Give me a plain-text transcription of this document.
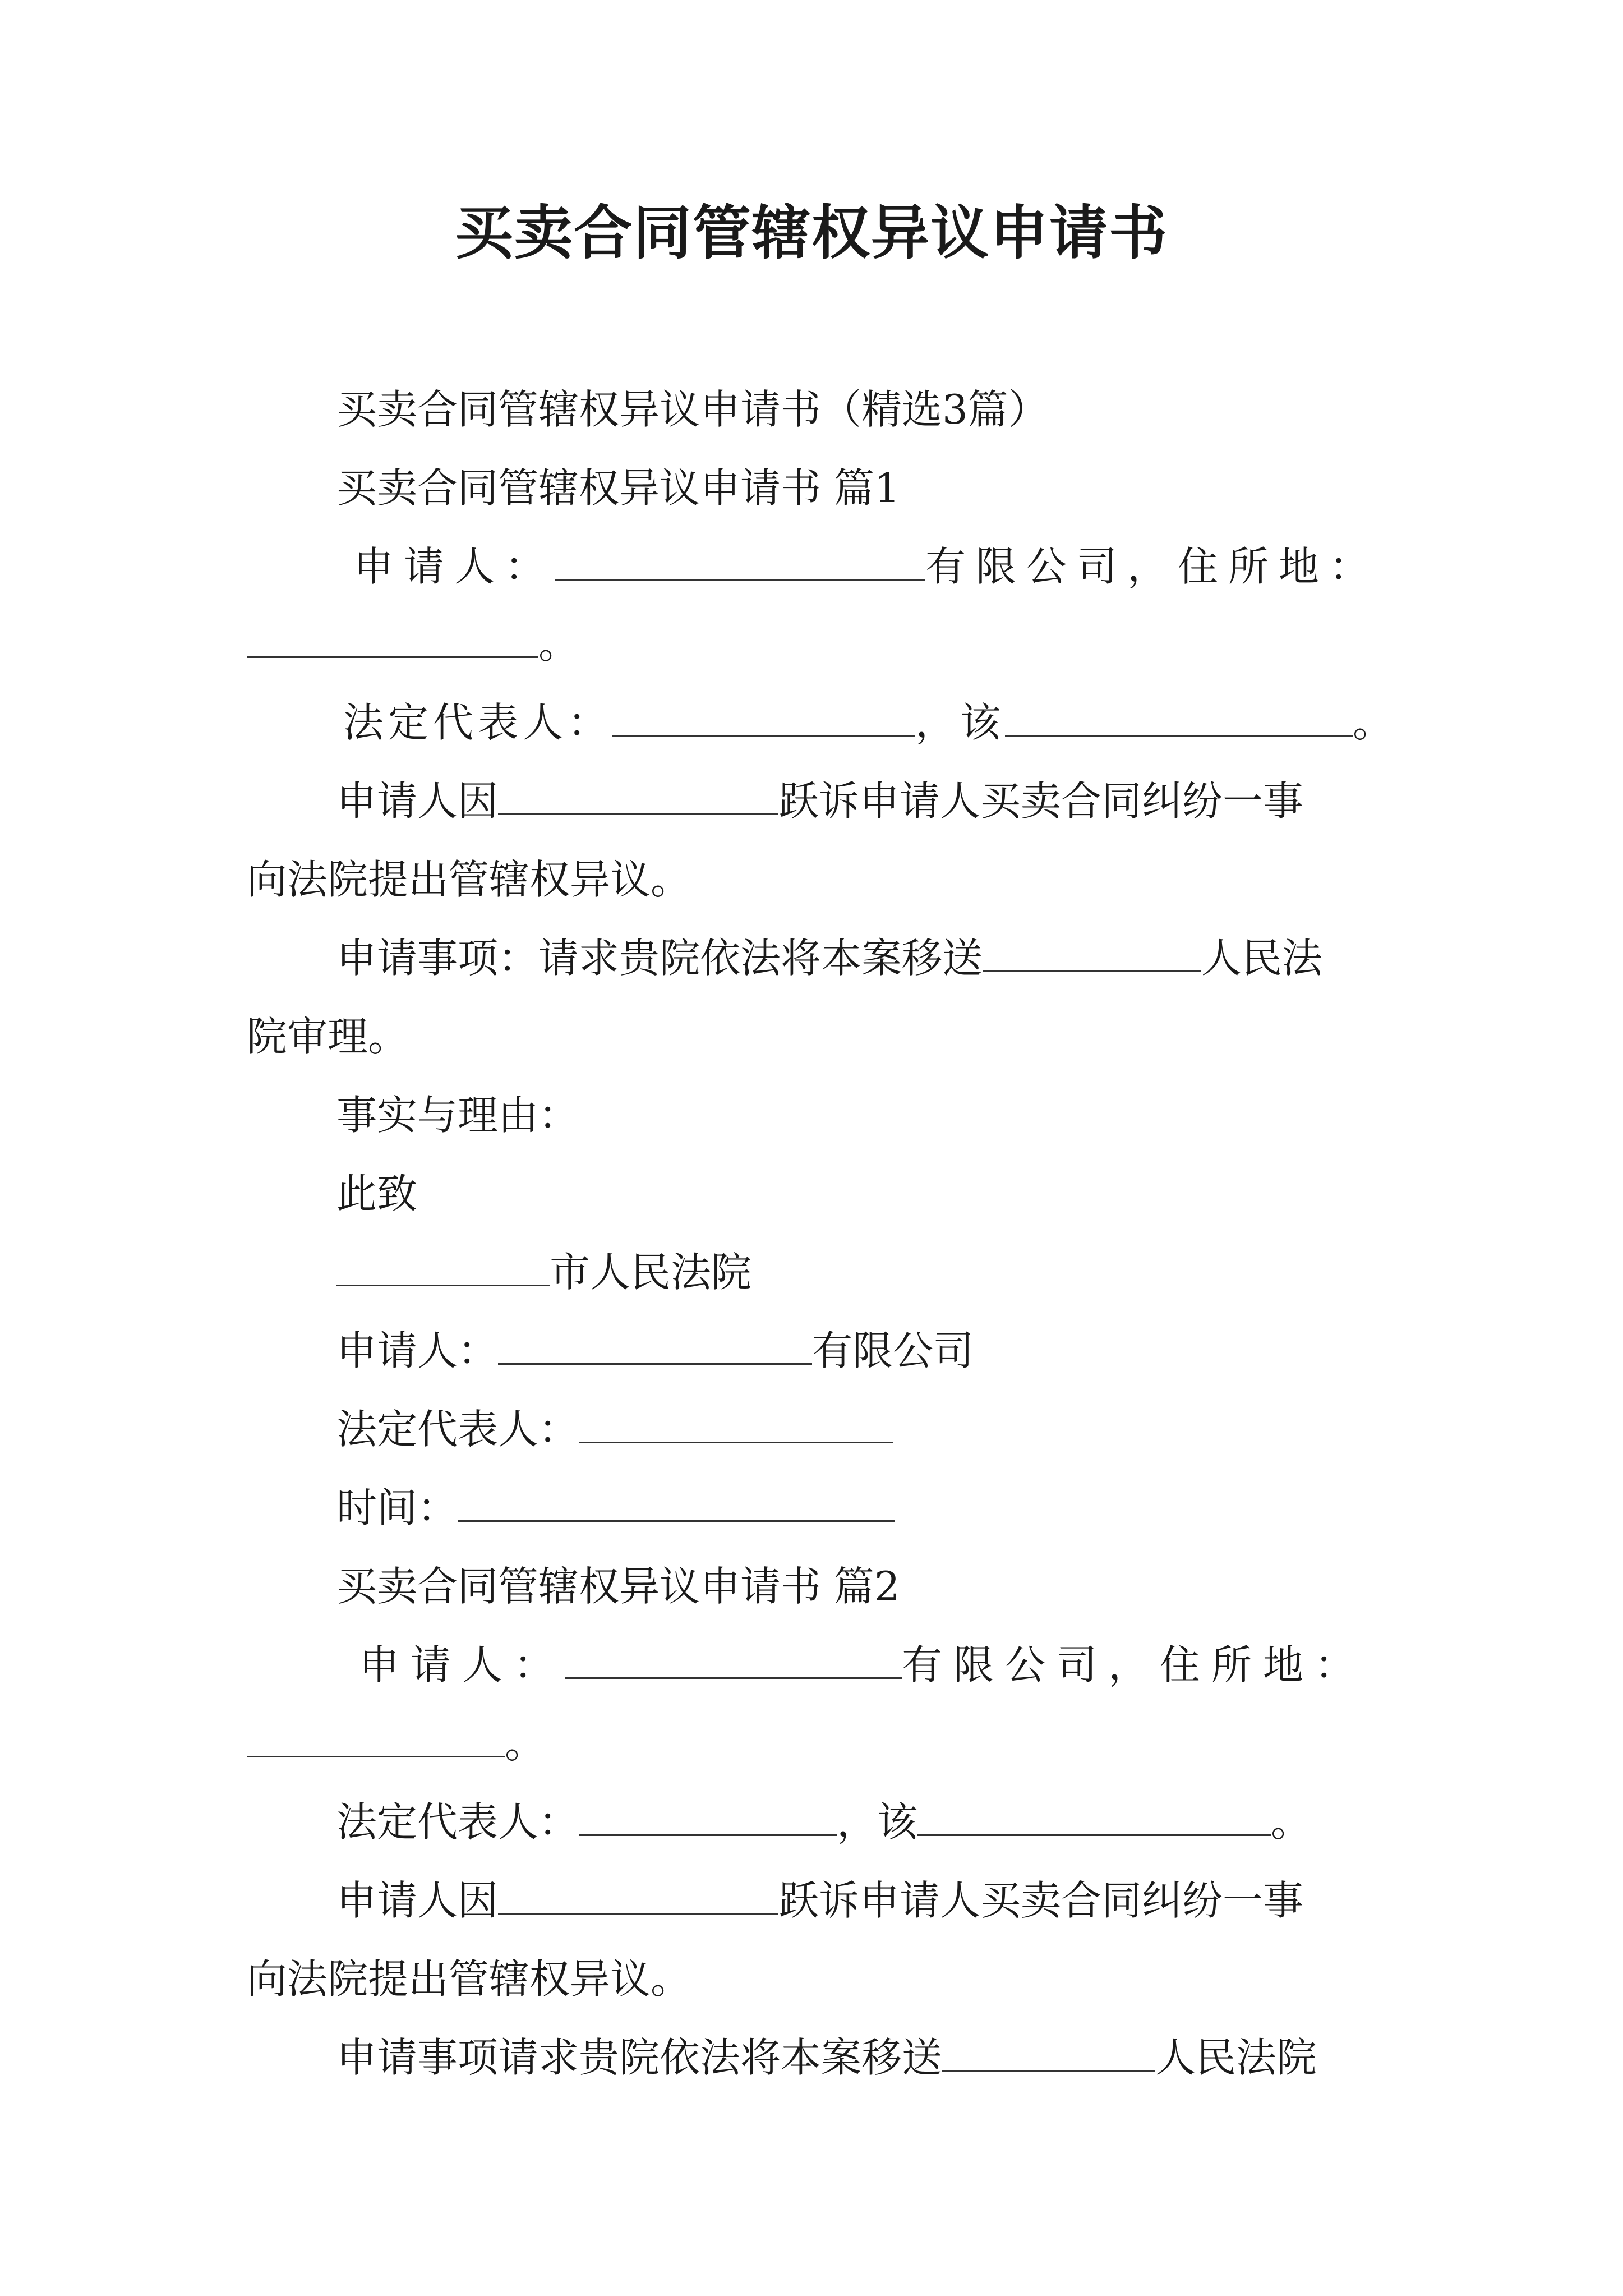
买卖合同管辖权异议申请书
买卖合同管辖权异议申请书（精选3篇）
买卖合同管辖权异议申请书 篇1
申请人：	有限公司，住所地：
。
法定代表人：	，该	。
申请人因	跃诉申请人买卖合同纠纷一事
向法院提出管辖权异议。
申请事项：请求贵院依法将本案移送	人民法
院审理。
事实与理由：
此致
市人民法院
申请人：	有限公司
法定代表人：
时间：
买卖合同管辖权异议申请书 篇2
申请人：	有限公司，住所地：
。
法定代表人：	，该	。
申请人因	跃诉申请人买卖合同纠纷一事
向法院提出管辖权异议。
申请事项请求贵院依法将本案移送	人民法院
